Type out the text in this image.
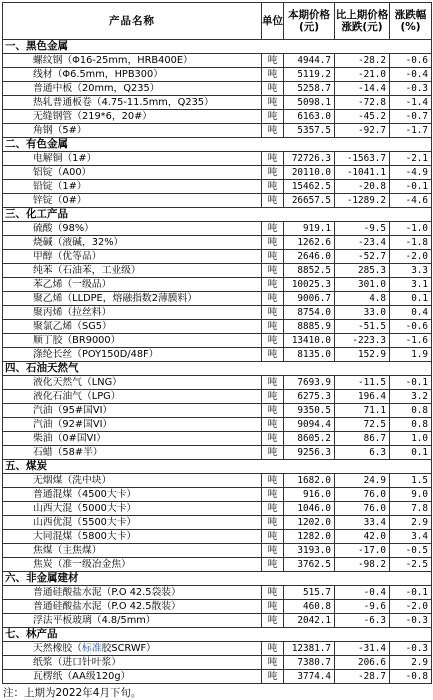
产品名称	单位	本期价格(元)	比上期价格涨跌(元)	涨跌幅(%)
一、黑色金属				
螺纹钢（Φ16-25mm，HRB400E）	吨	4944.7	-28.2	-0.6
线材（Φ6.5mm，HPB300）	吨	5119.2	-21.0	-0.4
普通中板（20mm，Q235）	吨	5258.7	-14.4	-0.3
热轧普通板卷（4.75-11.5mm，Q235）	吨	5098.1	-72.8	-1.4
无缝钢管（219*6，20#）	吨	6163.0	-45.2	-0.7
角钢（5#）	吨	5357.5	-92.7	-1.7
二、有色金属				
电解铜（1#）	吨	72726.3	-1563.7	-2.1
铝锭（A00）	吨	20110.0	-1041.1	-4.9
铅锭（1#）	吨	15462.5	-20.8	-0.1
锌锭（0#）	吨	26657.5	-1289.2	-4.6
三、化工产品				
硫酸（98%）	吨	919.1	-9.5	-1.0
烧碱（液碱，32%）	吨	1262.6	-23.4	-1.8
甲醇（优等品）	吨	2646.0	-52.7	-2.0
纯苯（石油苯，工业级）	吨	8852.5	285.3	3.3
苯乙烯（一级品）	吨	10025.3	301.0	3.1
聚乙烯（LLDPE，熔融指数2薄膜料）	吨	9006.7	4.8	0.1
聚丙烯（拉丝料）	吨	8754.0	33.0	0.4
聚氯乙烯（SG5）	吨	8885.9	-51.5	-0.6
顺丁胶（BR9000）	吨	13410.0	-223.3	-1.6
涤纶长丝（POY150D/48F）	吨	8135.0	152.9	1.9
四、石油天然气				
液化天然气（LNG）	吨	7693.9	-11.5	-0.1
液化石油气（LPG）	吨	6275.3	196.4	3.2
汽油（95#国VI）	吨	9350.5	71.1	0.8
汽油（92#国VI）	吨	9094.4	72.5	0.8
柴油（0#国VI）	吨	8605.2	86.7	1.0
石蜡（58#半）	吨	9256.3	6.3	0.1
五、煤炭				
无烟煤（洗中块）	吨	1682.0	24.9	1.5
普通混煤（4500大卡）	吨	916.0	76.0	9.0
山西大混（5000大卡）	吨	1046.0	76.0	7.8
山西优混（5500大卡）	吨	1202.0	33.4	2.9
大同混煤（5800大卡）	吨	1282.0	42.0	3.4
焦煤（主焦煤）	吨	3193.0	-17.0	-0.5
焦炭（准一级冶金焦）	吨	3762.5	-98.2	-2.5
六、非金属建材				
普通硅酸盐水泥（P.O 42.5袋装）	吨	515.7	-0.4	-0.1
普通硅酸盐水泥（P.O 42.5散装）	吨	460.8	-9.6	-2.0
浮法平板玻璃（4.8/5mm）	吨	2042.1	-6.3	-0.3
七、林产品				
天然橡胶（标准胶SCRWF）	吨	12381.7	-31.4	-0.3
纸浆（进口针叶浆）	吨	7380.7	206.6	2.9
瓦楞纸（AA级120g）	吨	3774.4	-28.7	-0.8
注：上期为2022年4月下旬。
